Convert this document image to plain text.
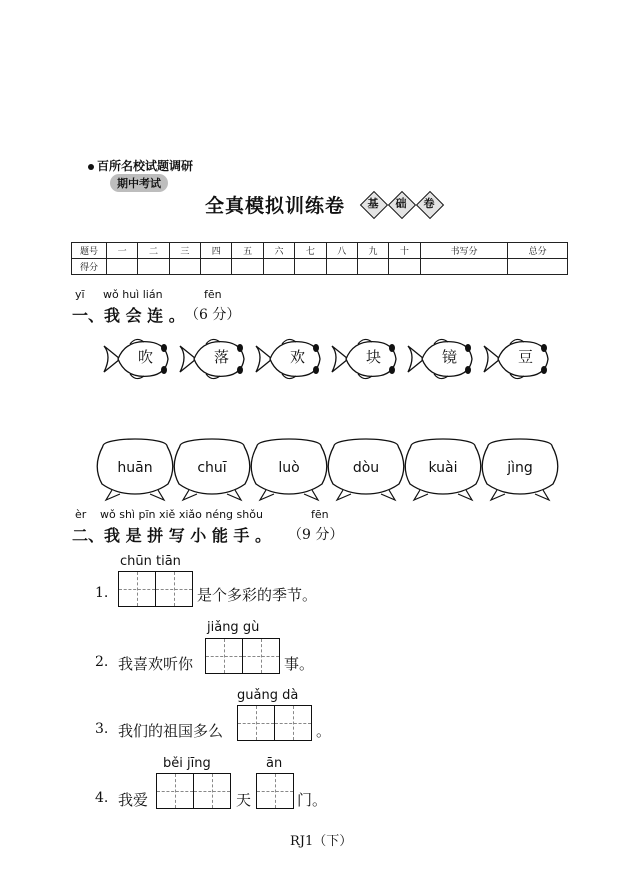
百所名校试题调研
期中考试
全真模拟训练卷	基	础	卷
题号	一	二	三	四	五	六	七	八	九	十	书写分	总分
得分												
yī wǒ huì lián	fēn
一、我 会 连 。 （6 分）
吹	落	欢	块	镜	豆
huān	chuī	luò	dòu	kuài	jìng
èr wǒ shì pīn xiě xiǎo néng shǒu	fēn
二、我 是 拼 写 小 能 手 。 （9 分）
chūn tiān
1.	是个多彩的季节。
jiǎng gù
2. 我喜欢听你	事。
guǎng dà
3. 我们的祖国多么	。
běi jīng	ān
4. 我爱	天	门。
RJ1（下）
